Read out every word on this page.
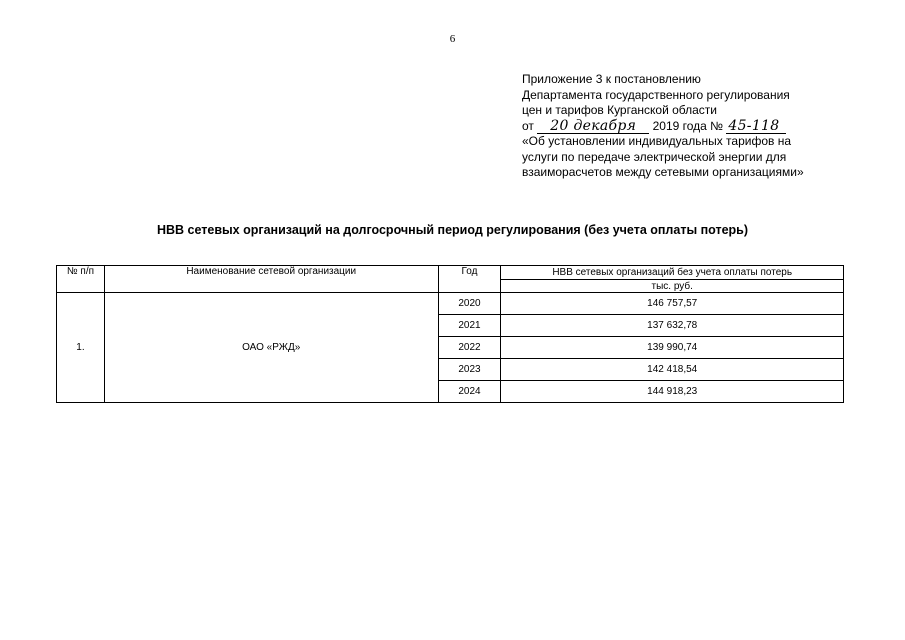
6
Приложение 3 к постановлению
Департамента государственного регулирования
цен и тарифов Курганской области
от 20 декабря 2019 года № 45-118
«Об установлении индивидуальных тарифов на
услуги по передаче электрической энергии для
взаиморасчетов между сетевыми организациями»
НВВ сетевых организаций на долгосрочный период регулирования (без учета оплаты потерь)
№ п/п	Наименование сетевой организации	Год	НВВ сетевых организаций без учета оплаты потерь
			тыс. руб.
1.	ОАО «РЖД»	2020	146 757,57
		2021	137 632,78
		2022	139 990,74
		2023	142 418,54
		2024	144 918,23
